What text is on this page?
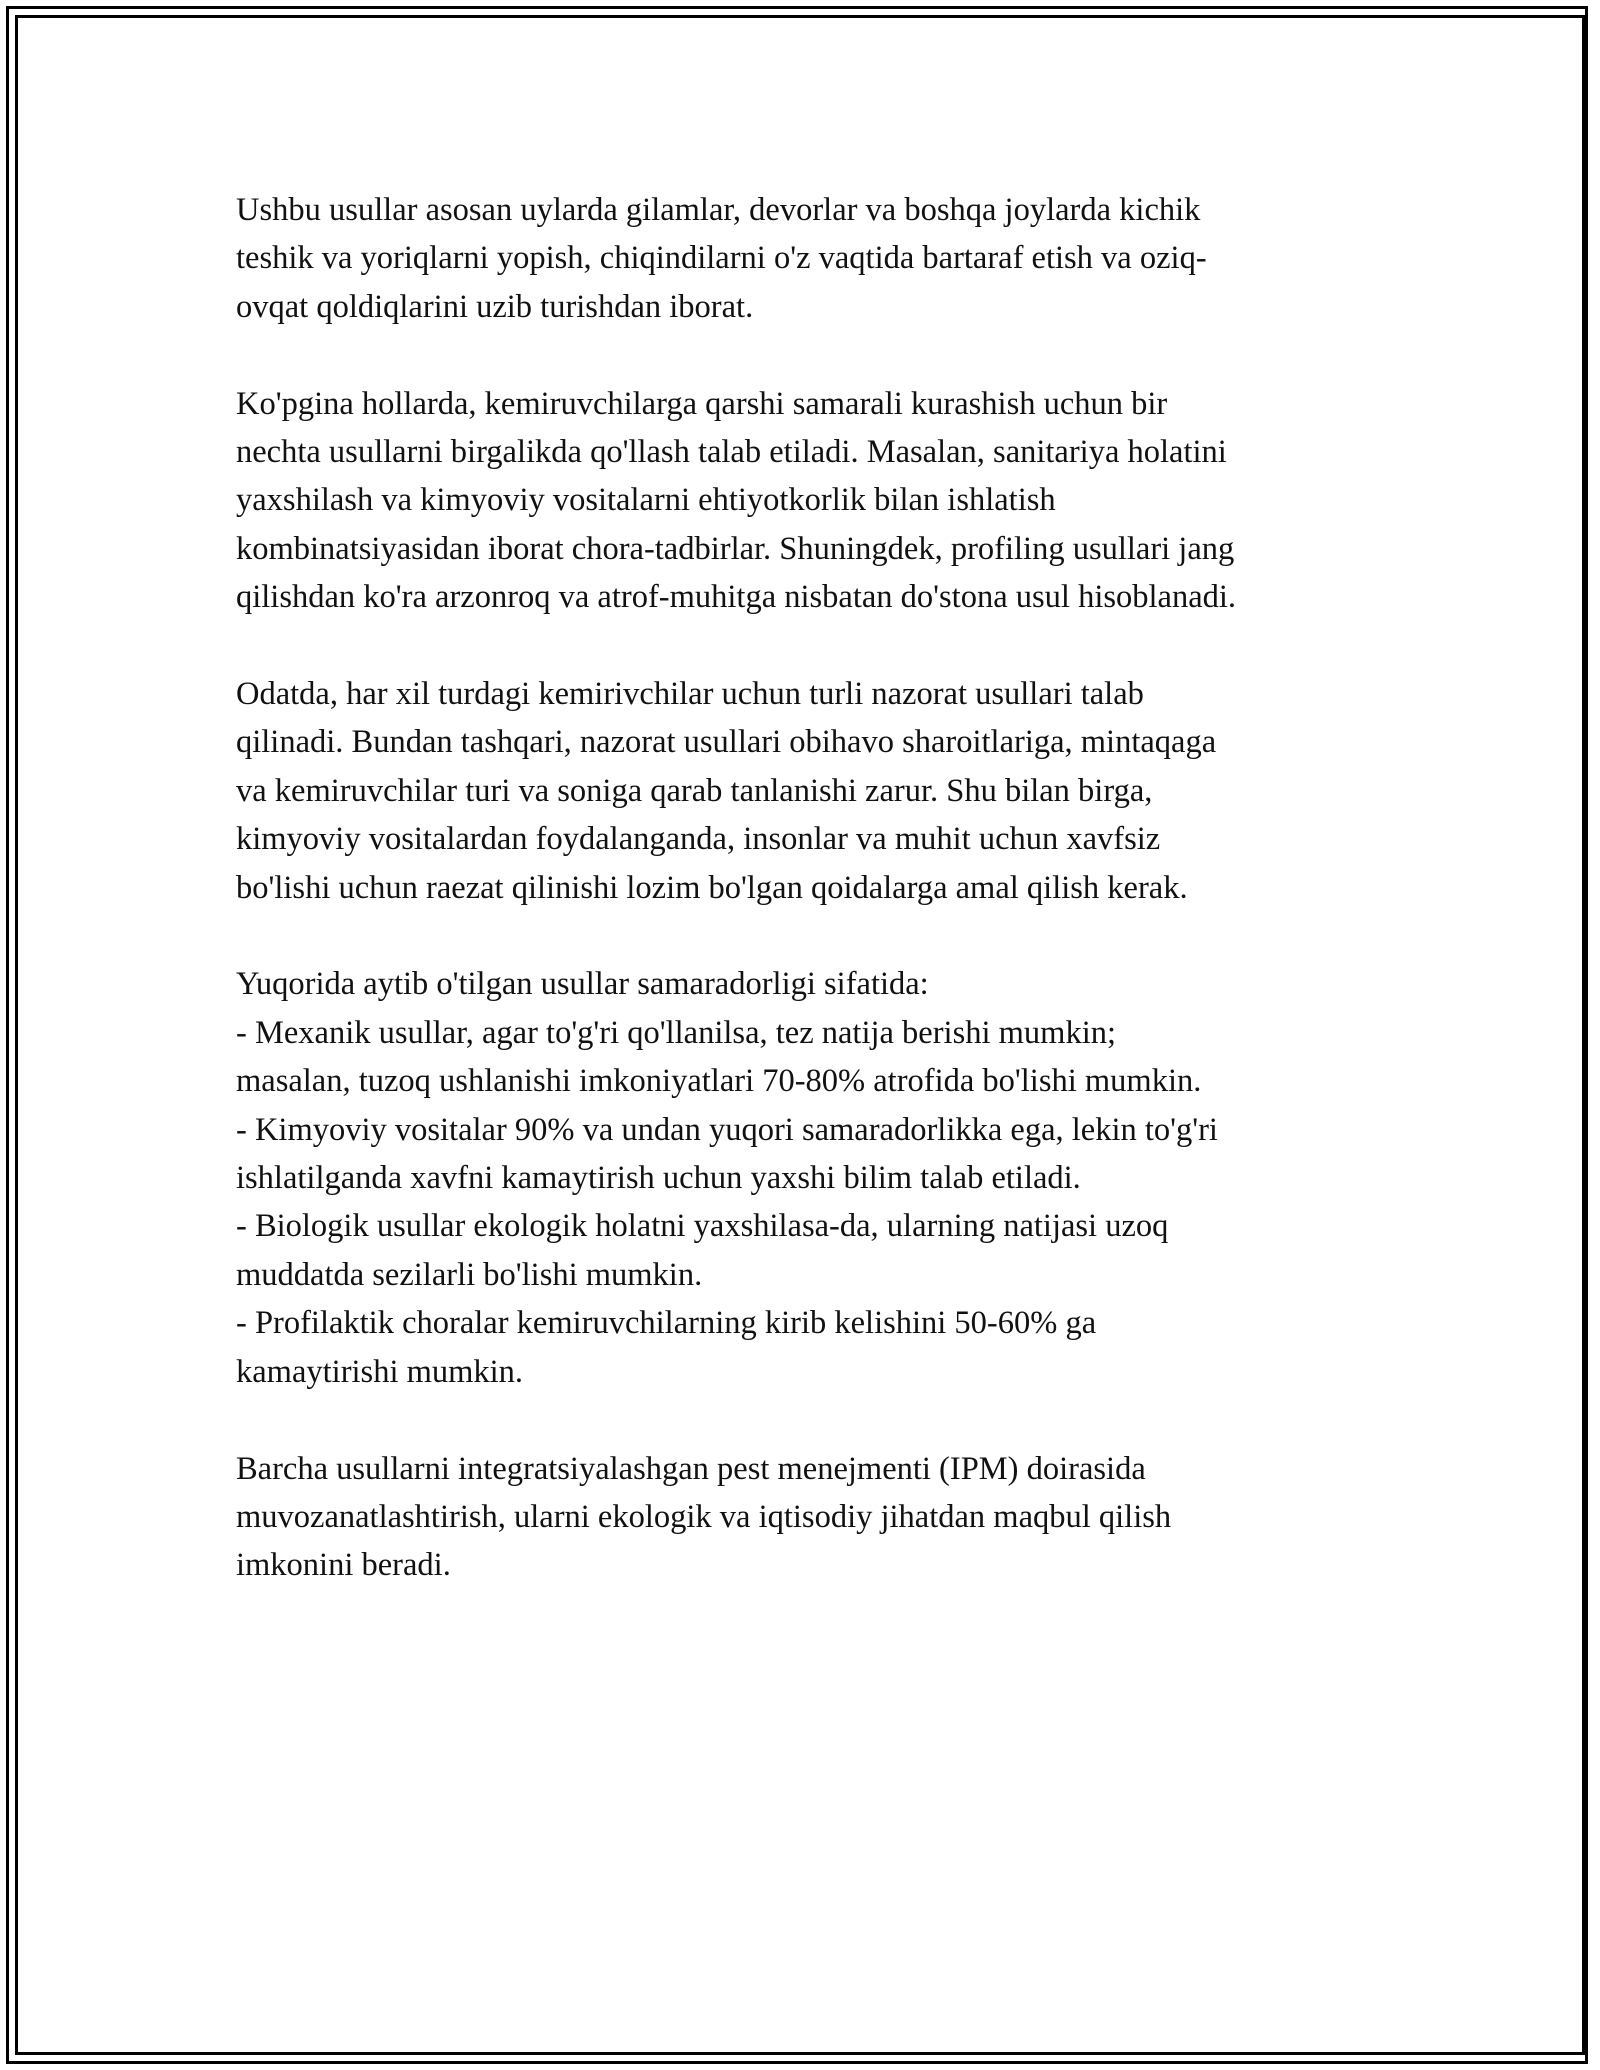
Ushbu usullar asosan uylarda gilamlar, devorlar va boshqa joylarda kichik
teshik va yoriqlarni yopish, chiqindilarni o'z vaqtida bartaraf etish va oziq-
ovqat qoldiqlarini uzib turishdan iborat.

Ko'pgina hollarda, kemiruvchilarga qarshi samarali kurashish uchun bir
nechta usullarni birgalikda qo'llash talab etiladi. Masalan, sanitariya holatini
yaxshilash va kimyoviy vositalarni ehtiyotkorlik bilan ishlatish
kombinatsiyasidan iborat chora-tadbirlar. Shuningdek, profiling usullari jang
qilishdan ko'ra arzonroq va atrof-muhitga nisbatan do'stona usul hisoblanadi.

Odatda, har xil turdagi kemirivchilar uchun turli nazorat usullari talab
qilinadi. Bundan tashqari, nazorat usullari obihavo sharoitlariga, mintaqaga
va kemiruvchilar turi va soniga qarab tanlanishi zarur. Shu bilan birga,
kimyoviy vositalardan foydalanganda, insonlar va muhit uchun xavfsiz
bo'lishi uchun raezat qilinishi lozim bo'lgan qoidalarga amal qilish kerak.

Yuqorida aytib o'tilgan usullar samaradorligi sifatida:
- Mexanik usullar, agar to'g'ri qo'llanilsa, tez natija berishi mumkin;
masalan, tuzoq ushlanishi imkoniyatlari 70-80% atrofida bo'lishi mumkin.
- Kimyoviy vositalar 90% va undan yuqori samaradorlikka ega, lekin to'g'ri
ishlatilganda xavfni kamaytirish uchun yaxshi bilim talab etiladi.
- Biologik usullar ekologik holatni yaxshilasa-da, ularning natijasi uzoq
muddatda sezilarli bo'lishi mumkin.
- Profilaktik choralar kemiruvchilarning kirib kelishini 50-60% ga
kamaytirishi mumkin.

Barcha usullarni integratsiyalashgan pest menejmenti (IPM) doirasida
muvozanatlashtirish, ularni ekologik va iqtisodiy jihatdan maqbul qilish
imkonini beradi.
